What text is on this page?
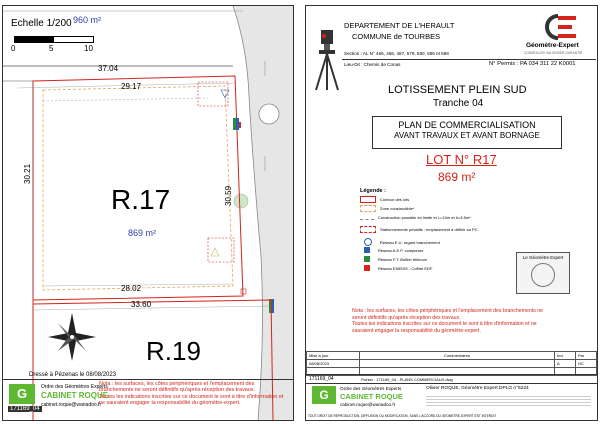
Echelle 1/200 960 m²
0	5	10
37.04
29.17
30.21
30.59
28.02
33.60
R.17
869 m²
R.19
Dressé à Pézenas le 08/08/2023
G
171169_04
Ordre des Géomètres Experts
CABINET ROQUE
cabinet.roque@wanadoo.fr
Nota : les surfaces, les côtes périphériques et l'emplacement des branchements ne seront définitifs qu'après réception des travaux.
Toutes les indications inscrites sur ce document le sont à titre d'information et ne sauraient engager la responsabilité du géomètre-expert.
DEPARTEMENT DE L'HERAULT
COMMUNE de TOURBES
Section : AL N° 465, 466, 467, 579, 580, 586 et 588
Lieu-Dit : Chemin de Conas	N° Permis : PA 034 311 22 K0001
Géomètre-Expert
CONSEILLER VALORISER GARANTIR
LOTISSEMENT PLEIN SUD
Tranche 04
PLAN DE COMMERCIALISATION
AVANT TRAVAUX ET AVANT BORNAGE
LOT N° R17
869 m²
Légende :
Contour des lots
Zone constructible*
Construction possible en limite et L=10m et h=3.5m*
Stationnements privatifs : emplacement à définir au PC.
Réseau E.U. regard branchement
Réseau A.E.P. compteurs
Réseau F.T. Boîtier télécom
Réseau ENEDIS - Coffret EDF
Le Géomètre Expert
Nota : les surfaces, les côtes périphériques et l'emplacement des branchements ne seront définitifs qu'après réception des travaux.
Toutes les indications inscrites sur ce document le sont à titre d'information et ne sauraient engager la responsabilité du géomètre-expert.
Mise à jour	Commentaires	Ind.	Par
08/08/2023		A	HC

171169_04	Fichier : 171169_04 - PLANS COMMERCIAUX.dwg
G	Ordre des Géomètres Experts
CABINET ROQUE
cabinet.roque@wanadoo.fr
Olivier ROQUE, Géomètre Expert DPLG n°5224
TOUT DROIT DE REPRODUCTION, DIFFUSION OU MODIFICATION, SANS L'ACCORD DU GEOMETRE-EXPERT EST INTERDIT
